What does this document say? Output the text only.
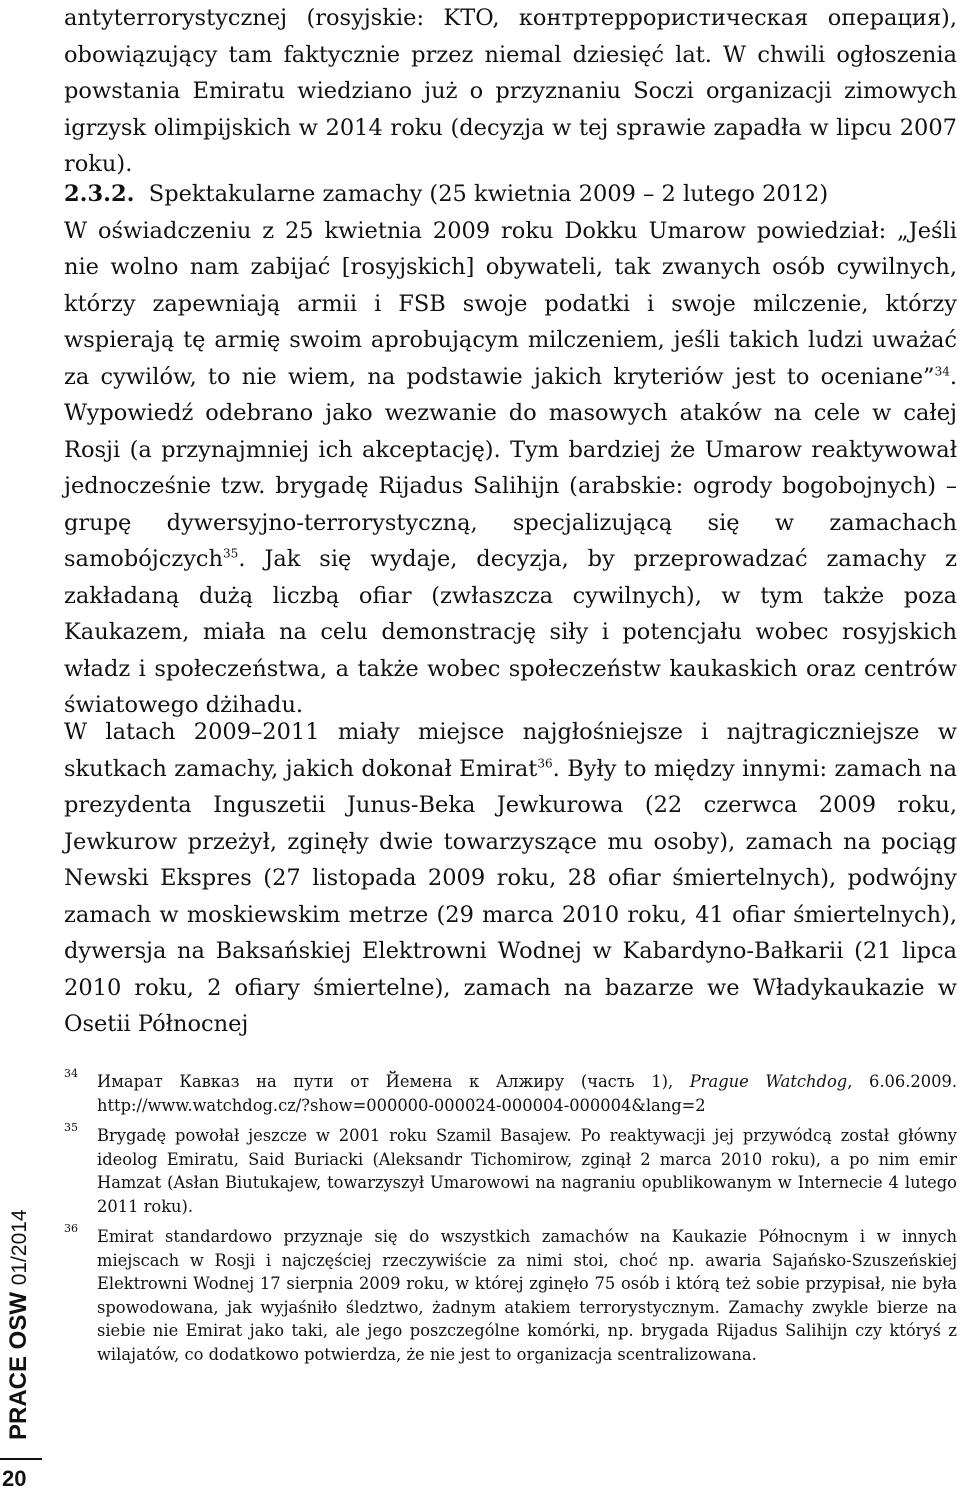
antyterrorystycznej (rosyjskie: KTO, контртеррористическая операция), obowiązujący tam faktycznie przez niemal dziesięć lat. W chwili ogłoszenia powstania Emiratu wiedziano już o przyznaniu Soczi organizacji zimowych igrzysk olimpijskich w 2014 roku (decyzja w tej sprawie zapadła w lipcu 2007 roku).
2.3.2. Spektakularne zamachy (25 kwietnia 2009 – 2 lutego 2012)
W oświadczeniu z 25 kwietnia 2009 roku Dokku Umarow powiedział: „Jeśli nie wolno nam zabijać [rosyjskich] obywateli, tak zwanych osób cywilnych, którzy zapewniają armii i FSB swoje podatki i swoje milczenie, którzy wspierają tę armię swoim aprobującym milczeniem, jeśli takich ludzi uważać za cywilów, to nie wiem, na podstawie jakich kryteriów jest to oceniane”$^{34}$. Wypowiedź odebrano jako wezwanie do masowych ataków na cele w całej Rosji (a przynajmniej ich akceptację). Tym bardziej że Umarow reaktywował jednocześnie tzw. brygadę Rijadus Salihijn (arabskie: ogrody bogobojnych) – grupę dywersyjno-terrorystyczną, specjalizującą się w zamachach samobójczych$^{35}$. Jak się wydaje, decyzja, by przeprowadzać zamachy z zakładaną dużą liczbą ofiar (zwłaszcza cywilnych), w tym także poza Kaukazem, miała na celu demonstrację siły i potencjału wobec rosyjskich władz i społeczeństwa, a także wobec społeczeństw kaukaskich oraz centrów światowego dżihadu.
W latach 2009–2011 miały miejsce najgłośniejsze i najtragiczniejsze w skutkach zamachy, jakich dokonał Emirat$^{36}$. Były to między innymi: zamach na prezydenta Inguszetii Junus-Beka Jewkurowa (22 czerwca 2009 roku, Jewkurow przeżył, zginęły dwie towarzyszące mu osoby), zamach na pociąg Newski Ekspres (27 listopada 2009 roku, 28 ofiar śmiertelnych), podwójny zamach w moskiewskim metrze (29 marca 2010 roku, 41 ofiar śmiertelnych), dywersja na Baksańskiej Elektrowni Wodnej w Kabardyno-Bałkarii (21 lipca 2010 roku, 2 ofiary śmiertelne), zamach na bazarze we Władykaukazie w Osetii Północnej
34 Имарат Кавказ на пути от Йемена к Алжиру (часть 1), Prague Watchdog, 6.06.2009. http://www.watchdog.cz/?show=000000-000024-000004-000004&lang=2
35 Brygadę powołał jeszcze w 2001 roku Szamil Basajew. Po reaktywacji jej przywódcą został główny ideolog Emiratu, Said Buriacki (Aleksandr Tichomirow, zginął 2 marca 2010 roku), a po nim emir Hamzat (Asłan Biutukajew, towarzyszył Umarowowi na nagraniu opublikowanym w Internecie 4 lutego 2011 roku).
36 Emirat standardowo przyznaje się do wszystkich zamachów na Kaukazie Północnym i w innych miejscach w Rosji i najczęściej rzeczywiście za nimi stoi, choć np. awaria Sajańsko-Szuszeńskiej Elektrowni Wodnej 17 sierpnia 2009 roku, w której zginęło 75 osób i którą też sobie przypisał, nie była spowodowana, jak wyjaśniło śledztwo, żadnym atakiem terrorystycznym. Zamachy zwykle bierze na siebie nie Emirat jako taki, ale jego poszczególne komórki, np. brygada Rijadus Salihijn czy któryś z wilajatów, co dodatkowo potwierdza, że nie jest to organizacja scentralizowana.
PRACE OSW 01/2014
20
